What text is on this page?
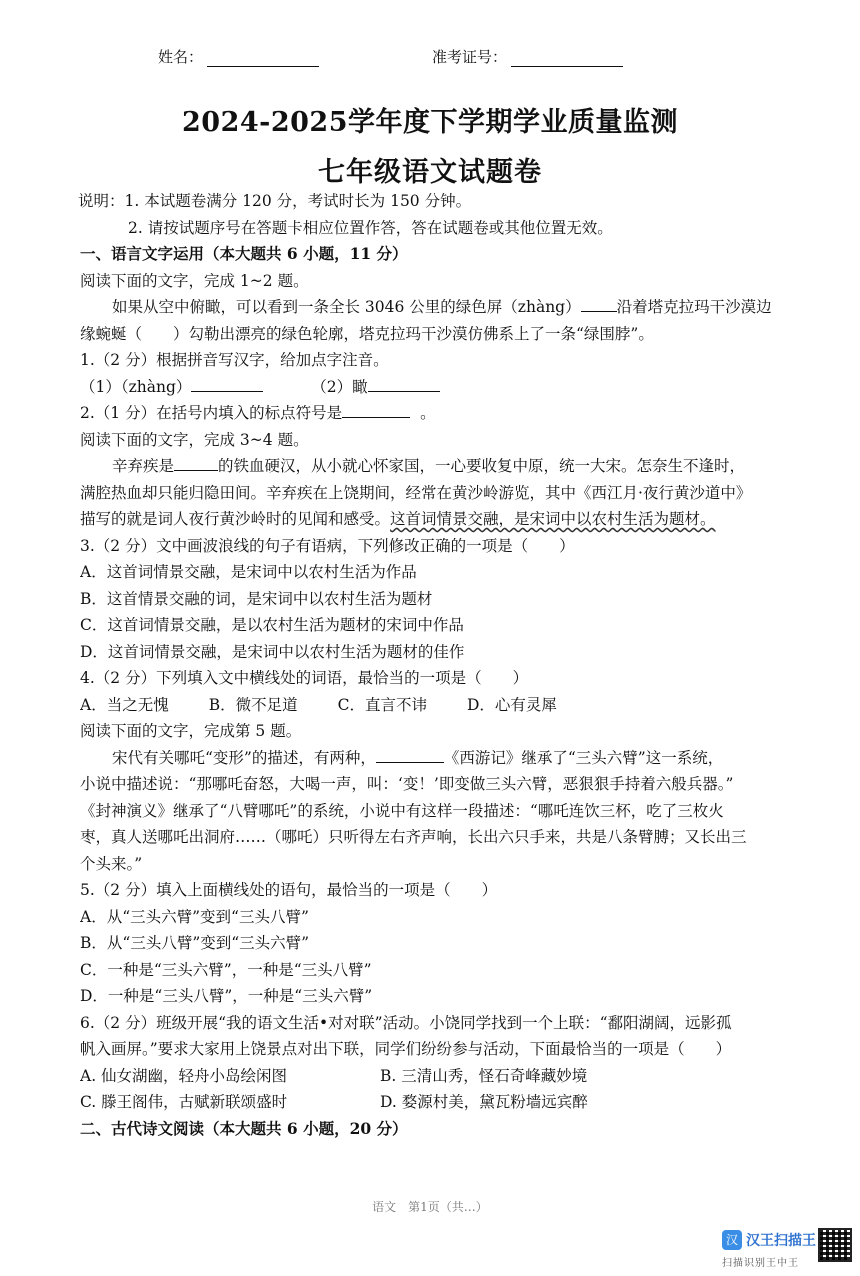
姓名：	准考证号：
2024-2025学年度下学期学业质量监测
七年级语文试题卷
说明：1. 本试题卷满分 120 分，考试时长为 150 分钟。
2. 请按试题序号在答题卡相应位置作答，答在试题卷或其他位置无效。
一、语言文字运用（本大题共 6 小题，11 分）
阅读下面的文字，完成 1~2 题。
如果从空中俯瞰，可以看到一条全长 3046 公里的绿色屏（zhàng） 沿着塔克拉玛干沙漠边
缘蜿蜒（　　）勾勒出漂亮的绿色轮廓，塔克拉玛干沙漠仿佛系上了一条“绿围脖”。
1.（2 分）根据拼音写汉字，给加点字注音。
（1）（zhàng）	（2）瞰
2.（1 分）在括号内填入的标点符号是	。
阅读下面的文字，完成 3~4 题。
辛弃疾是	的铁血硬汉，从小就心怀家国，一心要收复中原，统一大宋。怎奈生不逢时，
满腔热血却只能归隐田间。辛弃疾在上饶期间，经常在黄沙岭游览，其中《西江月·夜行黄沙道中》
描写的就是词人夜行黄沙岭时的见闻和感受。这首词情景交融，是宋词中以农村生活为题材。
3.（2 分）文中画波浪线的句子有语病，下列修改正确的一项是（　　）
A．这首词情景交融，是宋词中以农村生活为作品
B．这首情景交融的词，是宋词中以农村生活为题材
C．这首词情景交融，是以农村生活为题材的宋词中作品
D．这首词情景交融，是宋词中以农村生活为题材的佳作
4.（2 分）下列填入文中横线处的词语，最恰当的一项是（　　）
A．当之无愧	B．微不足道	C．直言不讳	D．心有灵犀
阅读下面的文字，完成第 5 题。
宋代有关哪吒“变形”的描述，有两种，	《西游记》继承了“三头六臂”这一系统，
小说中描述说：“那哪吒奋怒，大喝一声，叫：‘变！’即变做三头六臂，恶狠狠手持着六般兵器。”
《封神演义》继承了“八臂哪吒”的系统，小说中有这样一段描述：“哪吒连饮三杯，吃了三枚火
枣，真人送哪吒出洞府……（哪吒）只听得左右齐声响，长出六只手来，共是八条臂膊；又长出三
个头来。”
5.（2 分）填入上面横线处的语句，最恰当的一项是（　　）
A．从“三头六臂”变到“三头八臂”
B．从“三头八臂”变到“三头六臂”
C．一种是“三头六臂”，一种是“三头八臂”
D．一种是“三头八臂”，一种是“三头六臂”
6.（2 分）班级开展“我的语文生活•对对联”活动。小饶同学找到一个上联：“鄱阳湖阔，远影孤
帆入画屏。”要求大家用上饶景点对出下联，同学们纷纷参与活动，下面最恰当的一项是（　　）
A. 仙女湖幽，轻舟小岛绘闲图	B. 三清山秀，怪石奇峰藏妙境
C. 滕王阁伟，古赋新联颂盛时	D. 婺源村美，黛瓦粉墙远宾醉
二、古代诗文阅读（本大题共 6 小题，20 分）
语文　第1页（共…）
汉 汉王扫描王
扫描识别王中王
